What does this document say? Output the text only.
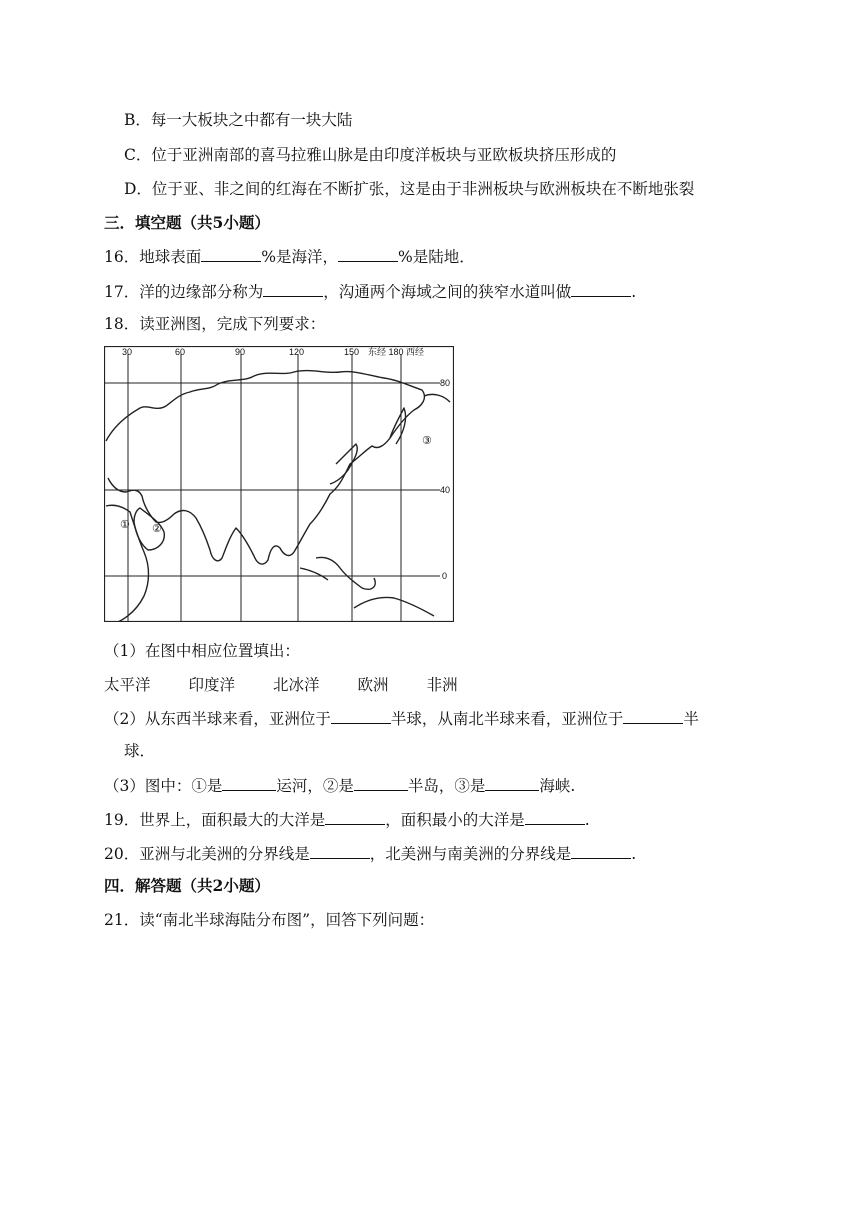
B．每一大板块之中都有一块大陆
C．位于亚洲南部的喜马拉雅山脉是由印度洋板块与亚欧板块挤压形成的
D．位于亚、非之间的红海在不断扩张，这是由于非洲板块与欧洲板块在不断地张裂
三．填空题（共5小题）
16．地球表面	%是海洋，	%是陆地．
17．洋的边缘部分称为	，沟通两个海域之间的狭窄水道叫做	.
18．读亚洲图，完成下列要求：
30	60	90	120	150 东经 180 西经
80
40
0
① ②
③
（1）在图中相应位置填出：
太平洋 印度洋 北冰洋 欧洲 非洲
（2）从东西半球来看，亚洲位于	半球，从南北半球来看，亚洲位于	半
球．
（3）图中：①是	运河，②是	半岛，③是	海峡.
19．世界上，面积最大的大洋是	，面积最小的大洋是	.
20．亚洲与北美洲的分界线是	，北美洲与南美洲的分界线是	.
四．解答题（共2小题）
21．读“南北半球海陆分布图”，回答下列问题：
